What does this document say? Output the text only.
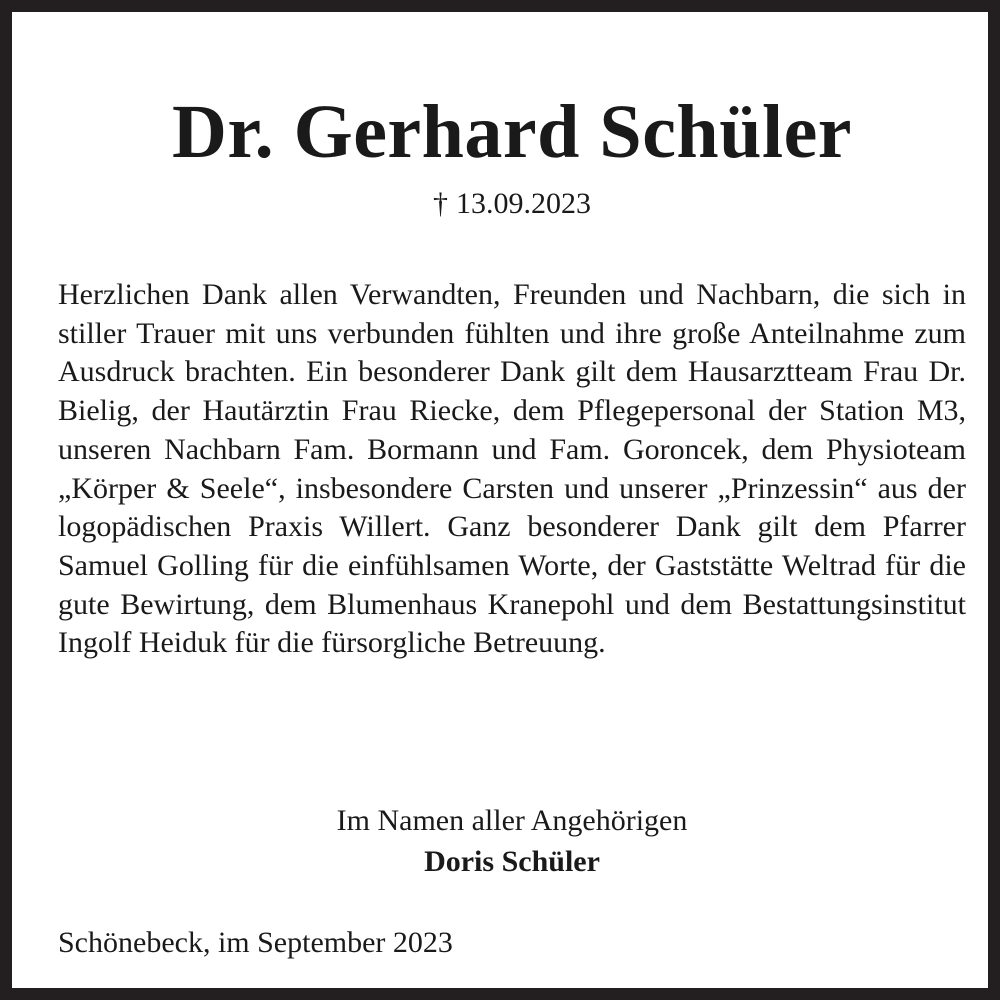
Dr. Gerhard Schüler
† 13.09.2023
Herzlichen Dank allen Verwandten, Freunden und Nachbarn, die sich in stiller Trauer mit uns verbunden fühlten und ihre große Anteilnahme zum Ausdruck brachten. Ein besonderer Dank gilt dem Hausarztteam Frau Dr. Bielig, der Hautärztin Frau Riecke, dem Pflegepersonal der Station M3, unseren Nachbarn Fam. Bormann und Fam. Goroncek, dem Physioteam „Körper & Seele“, insbesondere Carsten und unserer „Prinzessin“ aus der logopädischen Praxis Willert. Ganz besonderer Dank gilt dem Pfarrer Samuel Golling für die einfühlsamen Worte, der Gaststätte Weltrad für die gute Bewirtung, dem Blumenhaus Kranepohl und dem Bestattungsinstitut Ingolf Heiduk für die fürsorgliche Betreuung.
Im Namen aller Angehörigen
Doris Schüler
Schönebeck, im September 2023
